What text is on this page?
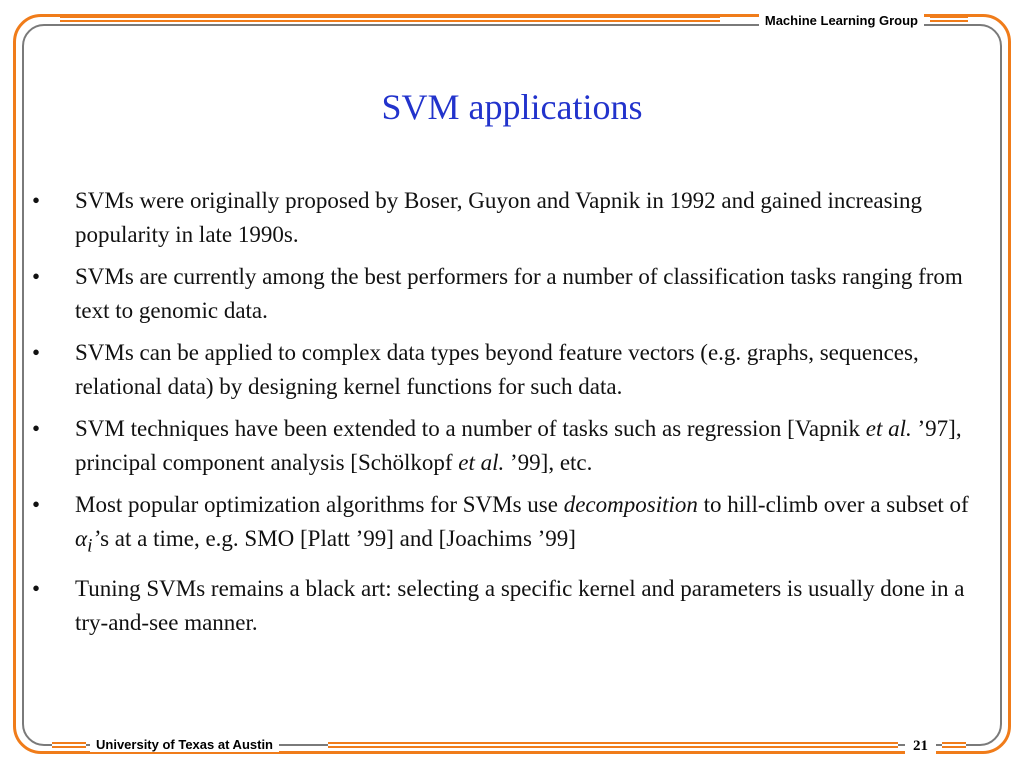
Machine Learning Group
SVM applications
• SVMs were originally proposed by Boser, Guyon and Vapnik in 1992 and gained increasing popularity in late 1990s.
• SVMs are currently among the best performers for a number of classification tasks ranging from text to genomic data.
• SVMs can be applied to complex data types beyond feature vectors (e.g. graphs, sequences, relational data) by designing kernel functions for such data.
• SVM techniques have been extended to a number of tasks such as regression [Vapnik et al. ’97], principal component analysis [Schölkopf et al. ’99], etc.
• Most popular optimization algorithms for SVMs use decomposition to hill-climb over a subset of $\alpha_i’s$ at a time, e.g. SMO [Platt ’99] and [Joachims ’99]
• Tuning SVMs remains a black art: selecting a specific kernel and parameters is usually done in a try-and-see manner.
University of Texas at Austin	21
